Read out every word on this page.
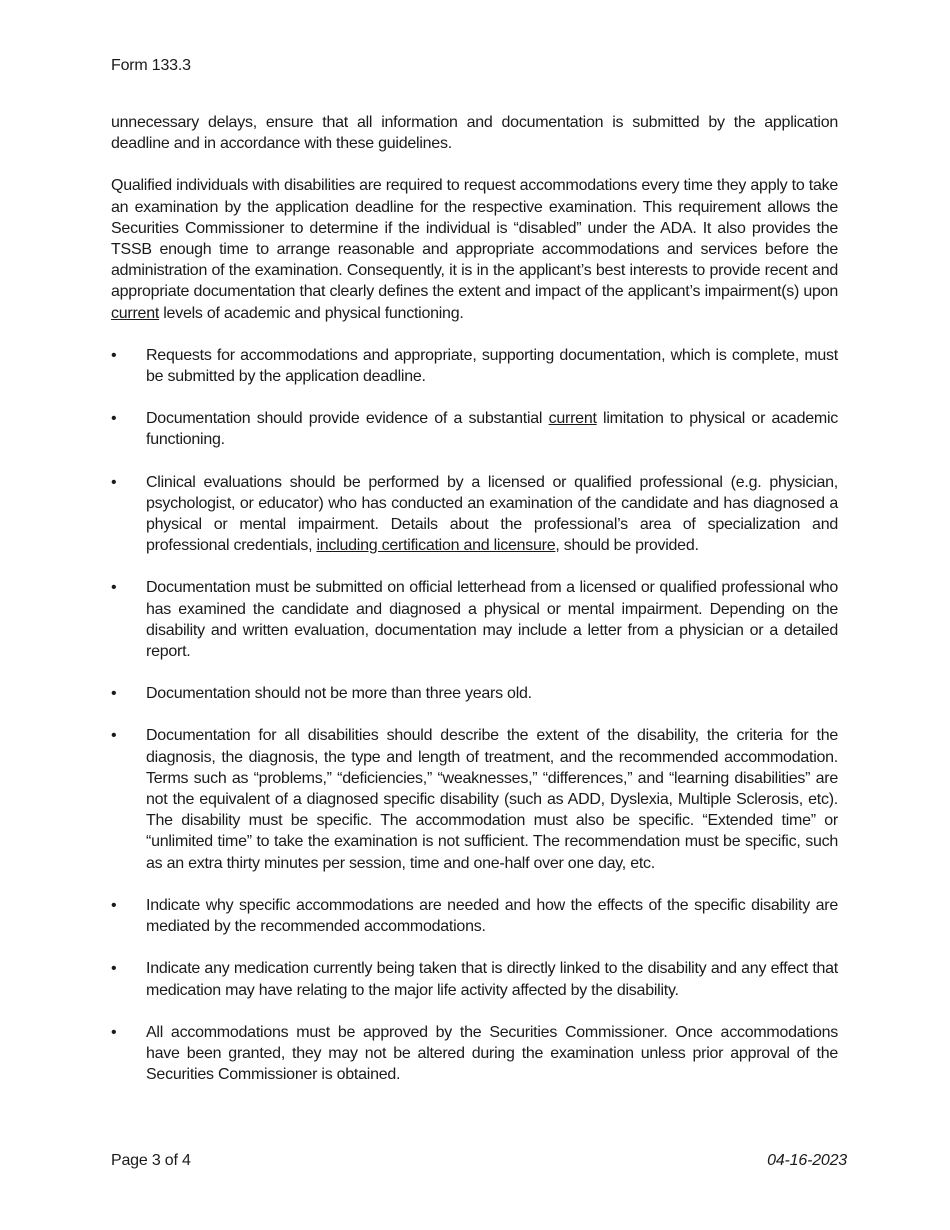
Form 133.3

unnecessary delays, ensure that all information and documentation is submitted by the application deadline and in accordance with these guidelines.

Qualified individuals with disabilities are required to request accommodations every time they apply to take an examination by the application deadline for the respective examination. This requirement allows the Securities Commissioner to determine if the individual is “disabled” under the ADA. It also provides the TSSB enough time to arrange reasonable and appropriate accommodations and services before the administration of the examination. Consequently, it is in the applicant’s best interests to provide recent and appropriate documentation that clearly defines the extent and impact of the applicant’s impairment(s) upon current levels of academic and physical functioning.

• Requests for accommodations and appropriate, supporting documentation, which is complete, must be submitted by the application deadline.
• Documentation should provide evidence of a substantial current limitation to physical or academic functioning.
• Clinical evaluations should be performed by a licensed or qualified professional (e.g. physician, psychologist, or educator) who has conducted an examination of the candidate and has diagnosed a physical or mental impairment. Details about the professional’s area of specialization and professional credentials, including certification and licensure, should be provided.
• Documentation must be submitted on official letterhead from a licensed or qualified professional who has examined the candidate and diagnosed a physical or mental impairment. Depending on the disability and written evaluation, documentation may include a letter from a physician or a detailed report.
• Documentation should not be more than three years old.
• Documentation for all disabilities should describe the extent of the disability, the criteria for the diagnosis, the diagnosis, the type and length of treatment, and the recommended accommodation. Terms such as “problems,” “deficiencies,” “weaknesses,” “differences,” and “learning disabilities” are not the equivalent of a diagnosed specific disability (such as ADD, Dyslexia, Multiple Sclerosis, etc). The disability must be specific. The accommodation must also be specific. “Extended time” or “unlimited time” to take the examination is not sufficient. The recommendation must be specific, such as an extra thirty minutes per session, time and one-half over one day, etc.
• Indicate why specific accommodations are needed and how the effects of the specific disability are mediated by the recommended accommodations.
• Indicate any medication currently being taken that is directly linked to the disability and any effect that medication may have relating to the major life activity affected by the disability.
• All accommodations must be approved by the Securities Commissioner. Once accommodations have been granted, they may not be altered during the examination unless prior approval of the Securities Commissioner is obtained.
Page 3 of 4	04-16-2023
